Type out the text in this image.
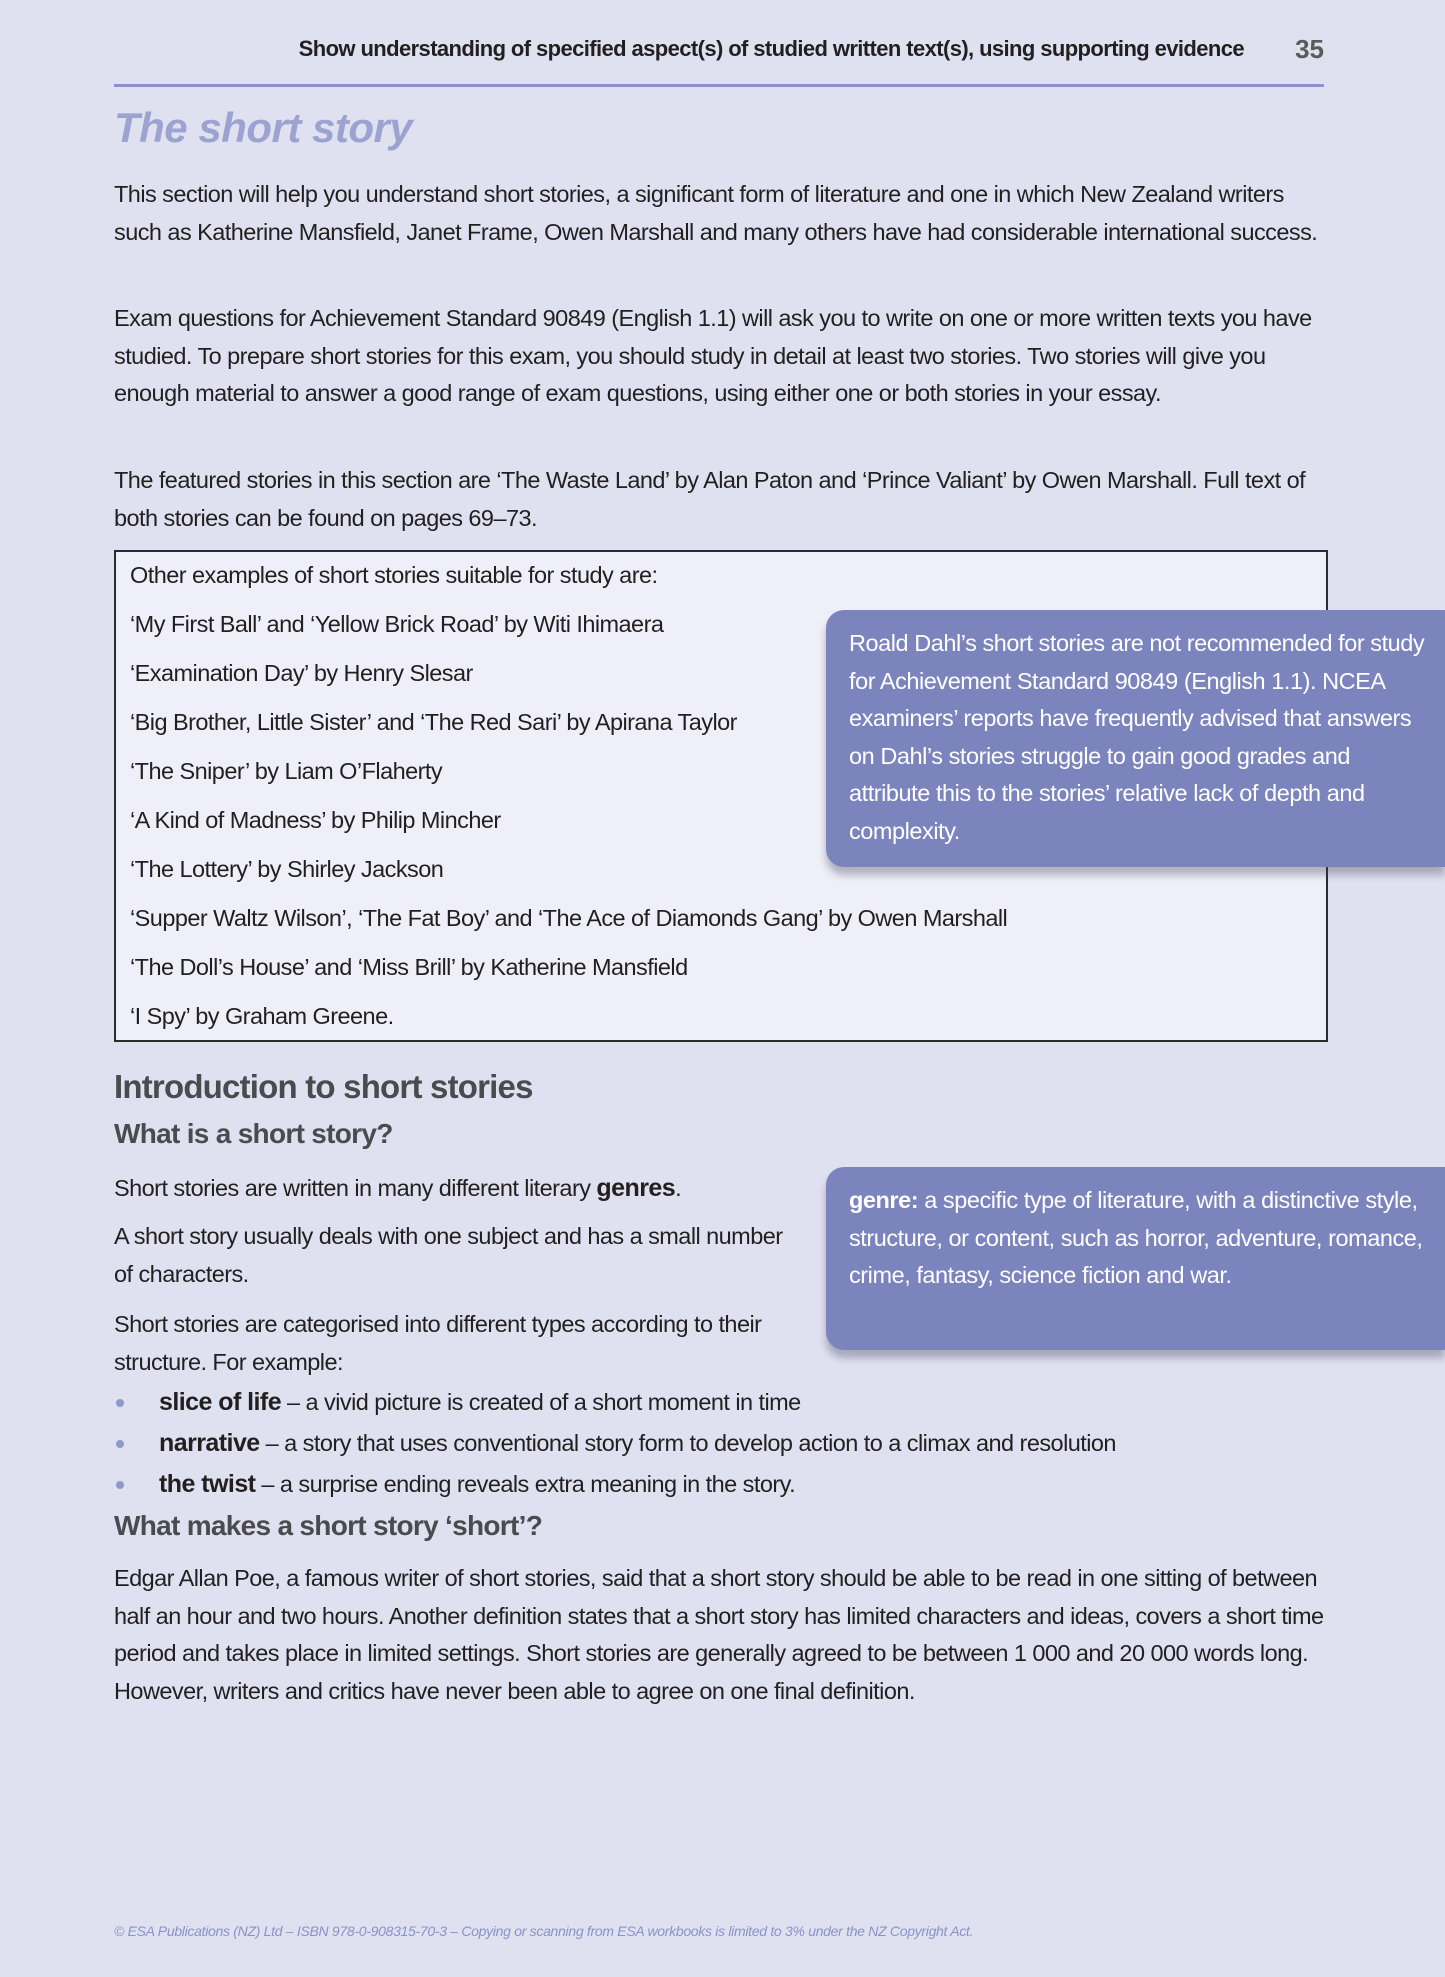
Show understanding of specified aspect(s) of studied written text(s), using supporting evidence 35
The short story

This section will help you understand short stories, a significant form of literature and one in which New Zealand writers such as Katherine Mansfield, Janet Frame, Owen Marshall and many others have had considerable international success.

Exam questions for Achievement Standard 90849 (English 1.1) will ask you to write on one or more written texts you have studied. To prepare short stories for this exam, you should study in detail at least two stories. Two stories will give you enough material to answer a good range of exam questions, using either one or both stories in your essay.

The featured stories in this section are ‘The Waste Land’ by Alan Paton and ‘Prince Valiant’ by Owen Marshall. Full text of both stories can be found on pages 69–73.

Other examples of short stories suitable for study are:
‘My First Ball’ and ‘Yellow Brick Road’ by Witi Ihimaera
‘Examination Day’ by Henry Slesar
‘Big Brother, Little Sister’ and ‘The Red Sari’ by Apirana Taylor
‘The Sniper’ by Liam O’Flaherty
‘A Kind of Madness’ by Philip Mincher
‘The Lottery’ by Shirley Jackson
‘Supper Waltz Wilson’, ‘The Fat Boy’ and ‘The Ace of Diamonds Gang’ by Owen Marshall
‘The Doll’s House’ and ‘Miss Brill’ by Katherine Mansfield
‘I Spy’ by Graham Greene.
Roald Dahl’s short stories are not recommended for study for Achievement Standard 90849 (English 1.1). NCEA examiners’ reports have frequently advised that answers on Dahl’s stories struggle to gain good grades and attribute this to the stories’ relative lack of depth and complexity.
Introduction to short stories
What is a short story?

Short stories are written in many different literary genres.

A short story usually deals with one subject and has a small number of characters.

Short stories are categorised into different types according to their structure. For example:

genre: a specific type of literature, with a distinctive style, structure, or content, such as horror, adventure, romance, crime, fantasy, science fiction and war.
slice of life – a vivid picture is created of a short moment in time
narrative – a story that uses conventional story form to develop action to a climax and resolution
the twist – a surprise ending reveals extra meaning in the story.
What makes a short story ‘short’?

Edgar Allan Poe, a famous writer of short stories, said that a short story should be able to be read in one sitting of between half an hour and two hours. Another definition states that a short story has limited characters and ideas, covers a short time period and takes place in limited settings. Short stories are generally agreed to be between 1 000 and 20 000 words long. However, writers and critics have never been able to agree on one final definition.

© ESA Publications (NZ) Ltd – ISBN 978-0-908315-70-3 – Copying or scanning from ESA workbooks is limited to 3% under the NZ Copyright Act.
